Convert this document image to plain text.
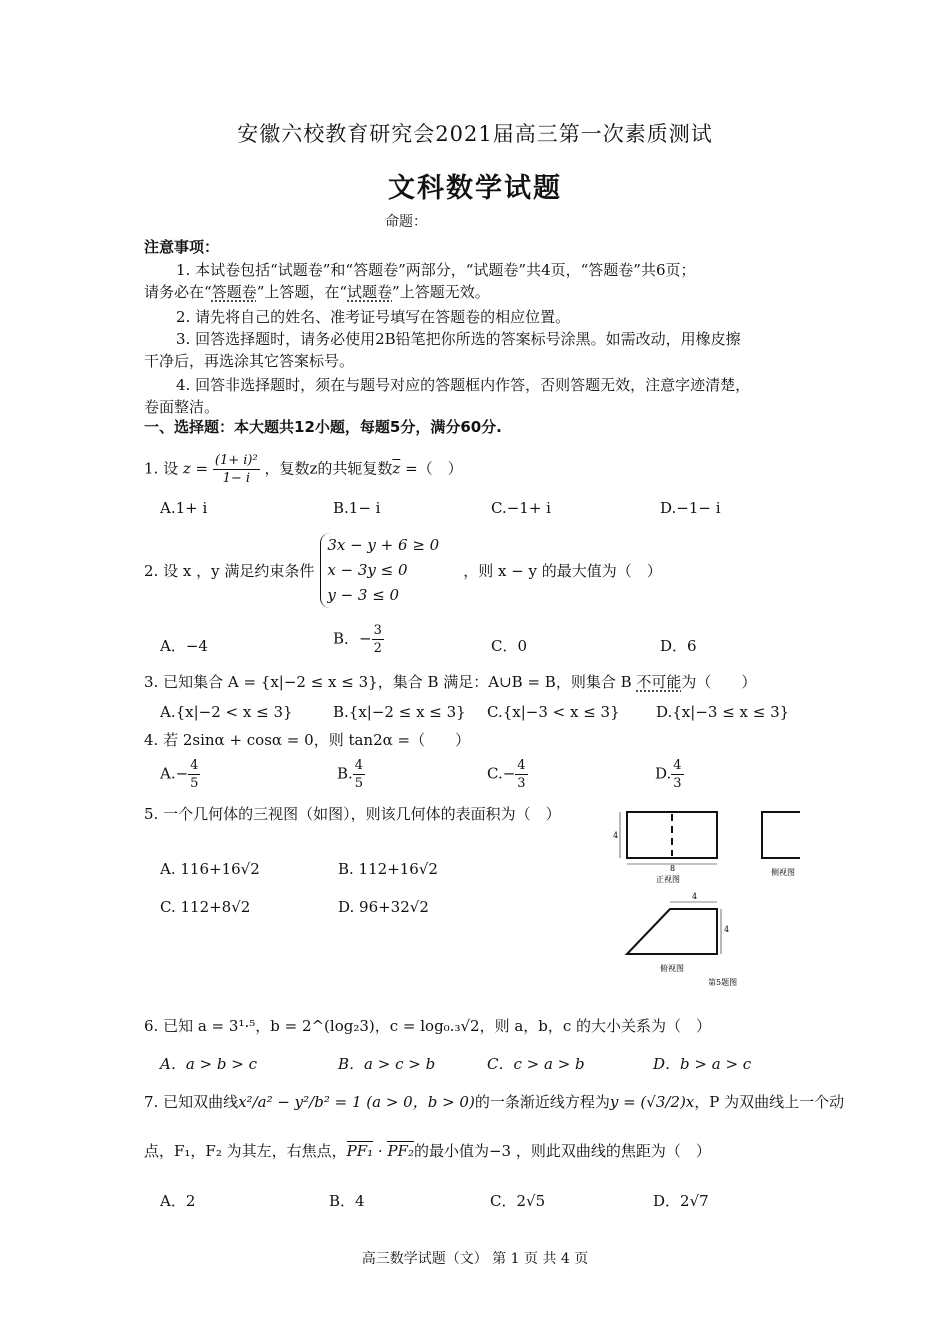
安徽六校教育研究会2021届高三第一次素质测试
文科数学试题
命题：
注意事项：
1. 本试卷包括“试题卷”和“答题卷”两部分，“试题卷”共4页，“答题卷”共6页；
请务必在“答题卷”上答题，在“试题卷”上答题无效。
2. 请先将自己的姓名、准考证号填写在答题卷的相应位置。
3. 回答选择题时，请务必使用2B铅笔把你所选的答案标号涂黑。如需改动，用橡皮擦
干净后，再选涂其它答案标号。
4. 回答非选择题时，须在与题号对应的答题框内作答，否则答题无效，注意字迹清楚，
卷面整洁。
一、选择题：本大题共12小题，每题5分，满分60分.
1. 设 $z = \frac{\text{(1+ i)²}}{1- i}$ ，复数z的共轭复数$\overline{z}$ =（　）
A.1+ i	B.1− i	C.−1+ i	D.−1− i
2. 设 x ，y 满足约束条件
3x − y + 6 ≥ 0
x − 3y ≤ 0
y − 3 ≤ 0
，则 x − y 的最大值为（　）
A．−4	B．− $\frac{3}{2}$	C．0	D．6
3. 已知集合 A = {x|−2 ≤ x ≤ 3}，集合 B 满足：A∪B = B，则集合 B 不可能为（　　）
A.{x|−2 < x ≤ 3}	B.{x|−2 ≤ x ≤ 3} C.{x|−3 < x ≤ 3} D.{x|−3 ≤ x ≤ 3}
4. 若 2sinα + cosα = 0，则 tan2α =（　　）
$A.- \frac{4}{5}$	B. $\frac{4}{5}$	$C.- \frac{4}{3}$	D. $\frac{4}{3}$
5. 一个几何体的三视图（如图），则该几何体的表面积为（　）
A. 116+16√2	B. 112+16√2
C. 112+8√2	D. 96+32√2
4
8
正视图
侧视图
4
4
俯视图
第5题图
6. 已知 a = 3¹·⁵，b = 2^(log₂3)，c = log₀.₃√2，则 a，b，c 的大小关系为（　）
A．a > b > c	B．a > c > b	C．c > a > b	D．b > a > c
7. 已知双曲线x²/a² − y²/b² = 1 (a > 0，b > 0)的一条渐近线方程为y = (√3/2)x，P 为双曲线上一个动
点，F₁，F₂ 为其左，右焦点，PF₁ · PF₂的最小值为−3 ，则此双曲线的焦距为（　）
A．2	B．4	C．2√5	D．2√7
高三数学试题（文） 第 1 页 共 4 页
